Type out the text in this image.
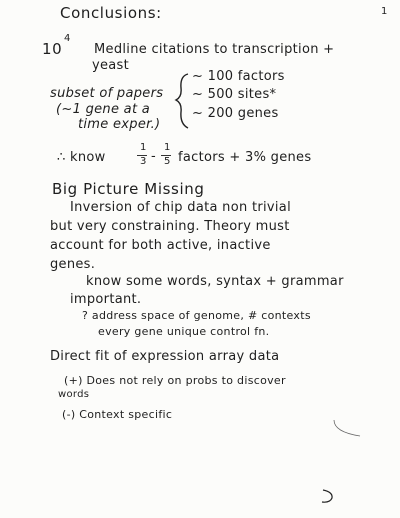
1
Conclusions:
10
4
Medline citations to transcription +
yeast
subset of papers
(~1 gene at a
time exper.)
~ 100 factors
~ 500 sites*
~ 200 genes
∴ know
1
3 -
1
5 factors + 3% genes
Big Picture Missing
Inversion of chip data non trivial
but very constraining. Theory must
account for both active, inactive
genes.
know some words, syntax + grammar
important.
? address space of genome, # contexts
every gene unique control fn.
Direct fit of expression array data
(+) Does not rely on probs to discover
words
(-) Context specific
